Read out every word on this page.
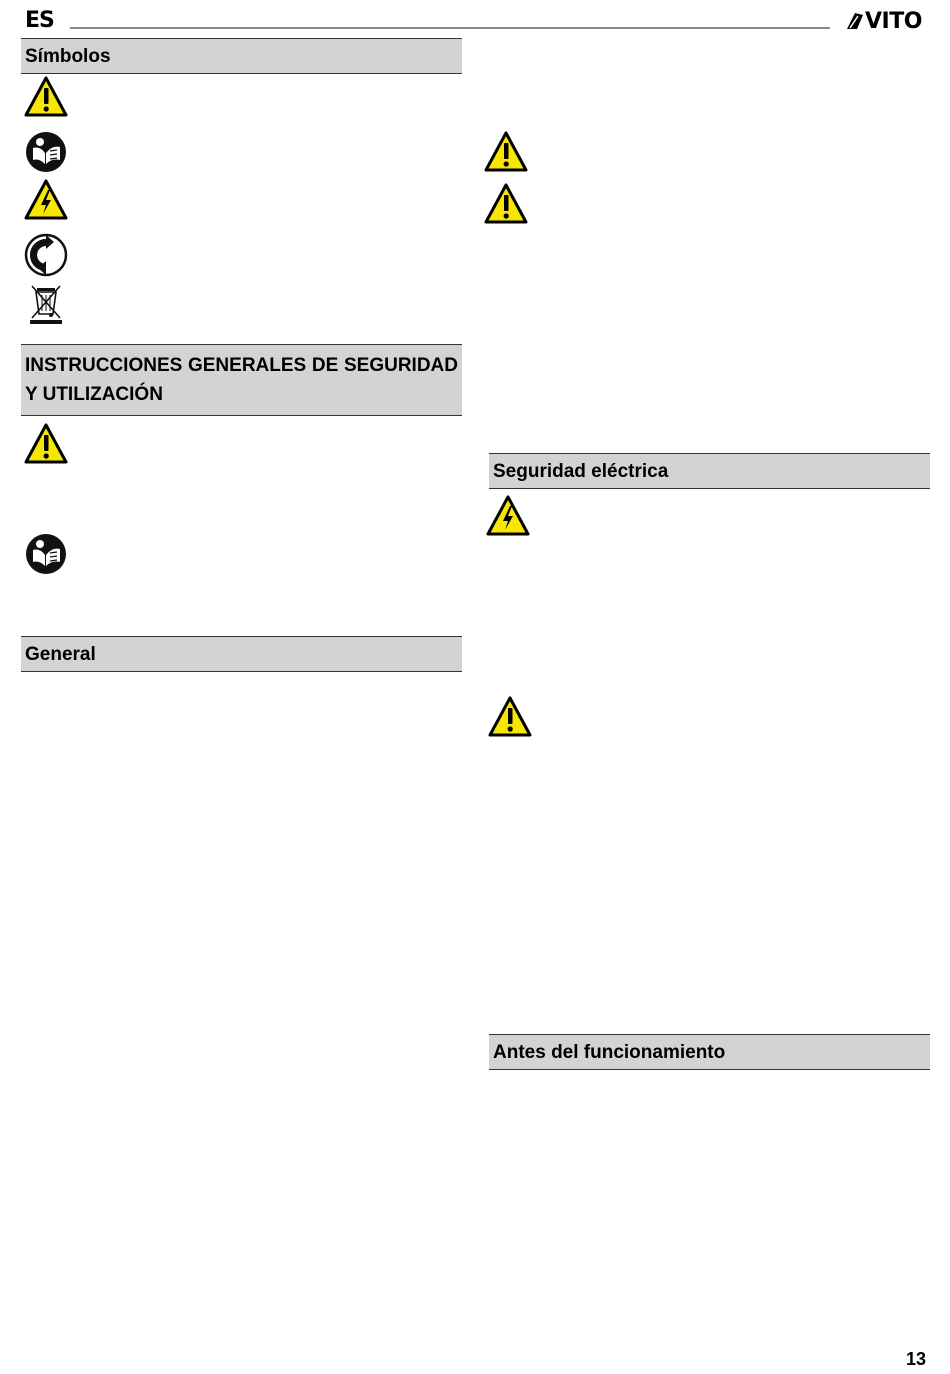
ES	VITO
Símbolos
INSTRUCCIONES GENERALES DE SEGURIDAD Y UTILIZACIÓN
General
Seguridad eléctrica
Antes del funcionamiento
13
